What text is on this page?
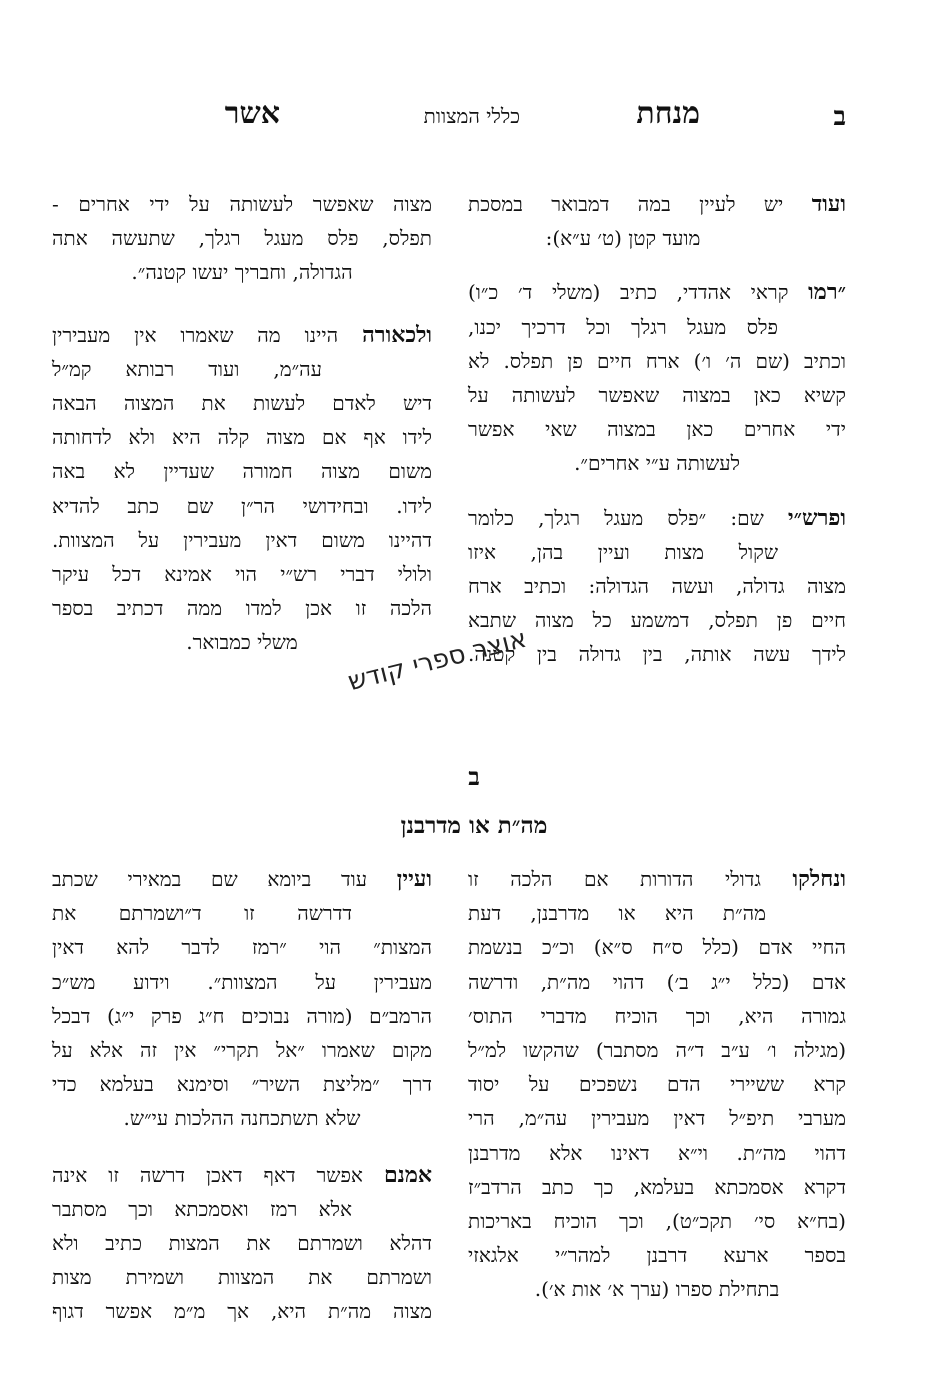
ב
מנחת
כללי המצוות
אשר
ועוד יש לעיין במה דמבואר במסכת
מועד קטן (ט׳ ע״א):
״רמו קראי אהדדי, כתיב (משלי ד׳ כ״ו)
פלס מעגל רגלך וכל דרכיך יכנו,
וכתיב (שם ה׳ ו׳) ארח חיים פן תפלס. לא
קשיא כאן במצוה שאפשר לעשותה על
ידי אחרים כאן במצוה שאי אפשר
לעשותה ע״י אחרים״.
ופרש״י שם: ״פלס מעגל רגלך, כלומר
שקול מצות ועיין בהן, איזו
מצוה גדולה, ועשה הגדולה: וכתיב ארח
חיים פן תפלס, דמשמע כל מצוה שתבא
לידך עשה אותה, בין גדולה בין קטנה.
מצוה שאפשר לעשותה על ידי אחרים -
תפלס, פלס מעגל רגלך, שתעשה אתה
הגדולה, וחבריך יעשו קטנה״.
ולכאורה היינו מה שאמרו אין מעבירין
עה״מ, ועוד רבותא קמ״ל
דיש לאדם לעשות את המצוה הבאה
לידו אף אם מצוה קלה היא ולא לדחותה
משום מצוה חמורה שעדיין לא באה
לידו. ובחידושי הר״ן שם כתב להדיא
דהיינו משום דאין מעבירין על המצוות.
ולולי דברי רש״י הוי אמינא דכל עיקר
הלכה זו אכן למדו ממה דכתיב בספר
משלי כמבואר.	אוצר ספרי קודש
ב
מה״ת או מדרבנן
ונחלקו גדולי הדורות אם הלכה זו
מה״ת היא או מדרבנן, דעת
החיי אדם (כלל ס״ח ס״א) וכ״כ בנשמת
אדם (כלל י״ג ב׳) דהוי מה״ת, ודרשה
גמורה היא, וכך הוכיח מדברי התוס׳
(מגילה ו׳ ע״ב ד״ה מסתבר) שהקשו למ״ל
קרא ששיירי הדם נשפכים על יסוד
מערבי תיפ״ל דאין מעבירין עה״מ, הרי
דהוי מה״ת. וי״א דאינו אלא מדרבנן
דקרא אסמכתא בעלמא, כך כתב הרדב״ז
(בח״א סי׳ תקכ״ט), וכך הוכיח באריכות
בספר ארעא דרבנן למהר״י אלגאזי
בתחילת ספרו (ערך א׳ אות א׳).
ועיין עוד ביומא שם במאירי שכתב
דדרשה זו ד״ושמרתם את
המצות״ הוי ״רמז לדבר להא דאין
מעבירין על המצוות״. וידוע מש״כ
הרמב״ם (מורה נבוכים ח״ג פרק י״ג) דבכל
מקום שאמרו ״אל תקרי״ אין זה אלא על
דרך ״מליצת השיר״ וסימנא בעלמא כדי
שלא תשתכחנה ההלכות עי״ש.
אמנם אפשר דאף דאכן דרשה זו אינה
אלא רמז ואסמכתא וכך מסתבר
דהלא ושמרתם את המצות כתיב ולא
ושמרתם את המצוות ושמירת מצות
מצוה מה״ת היא, אך מ״מ אפשר דגוף
